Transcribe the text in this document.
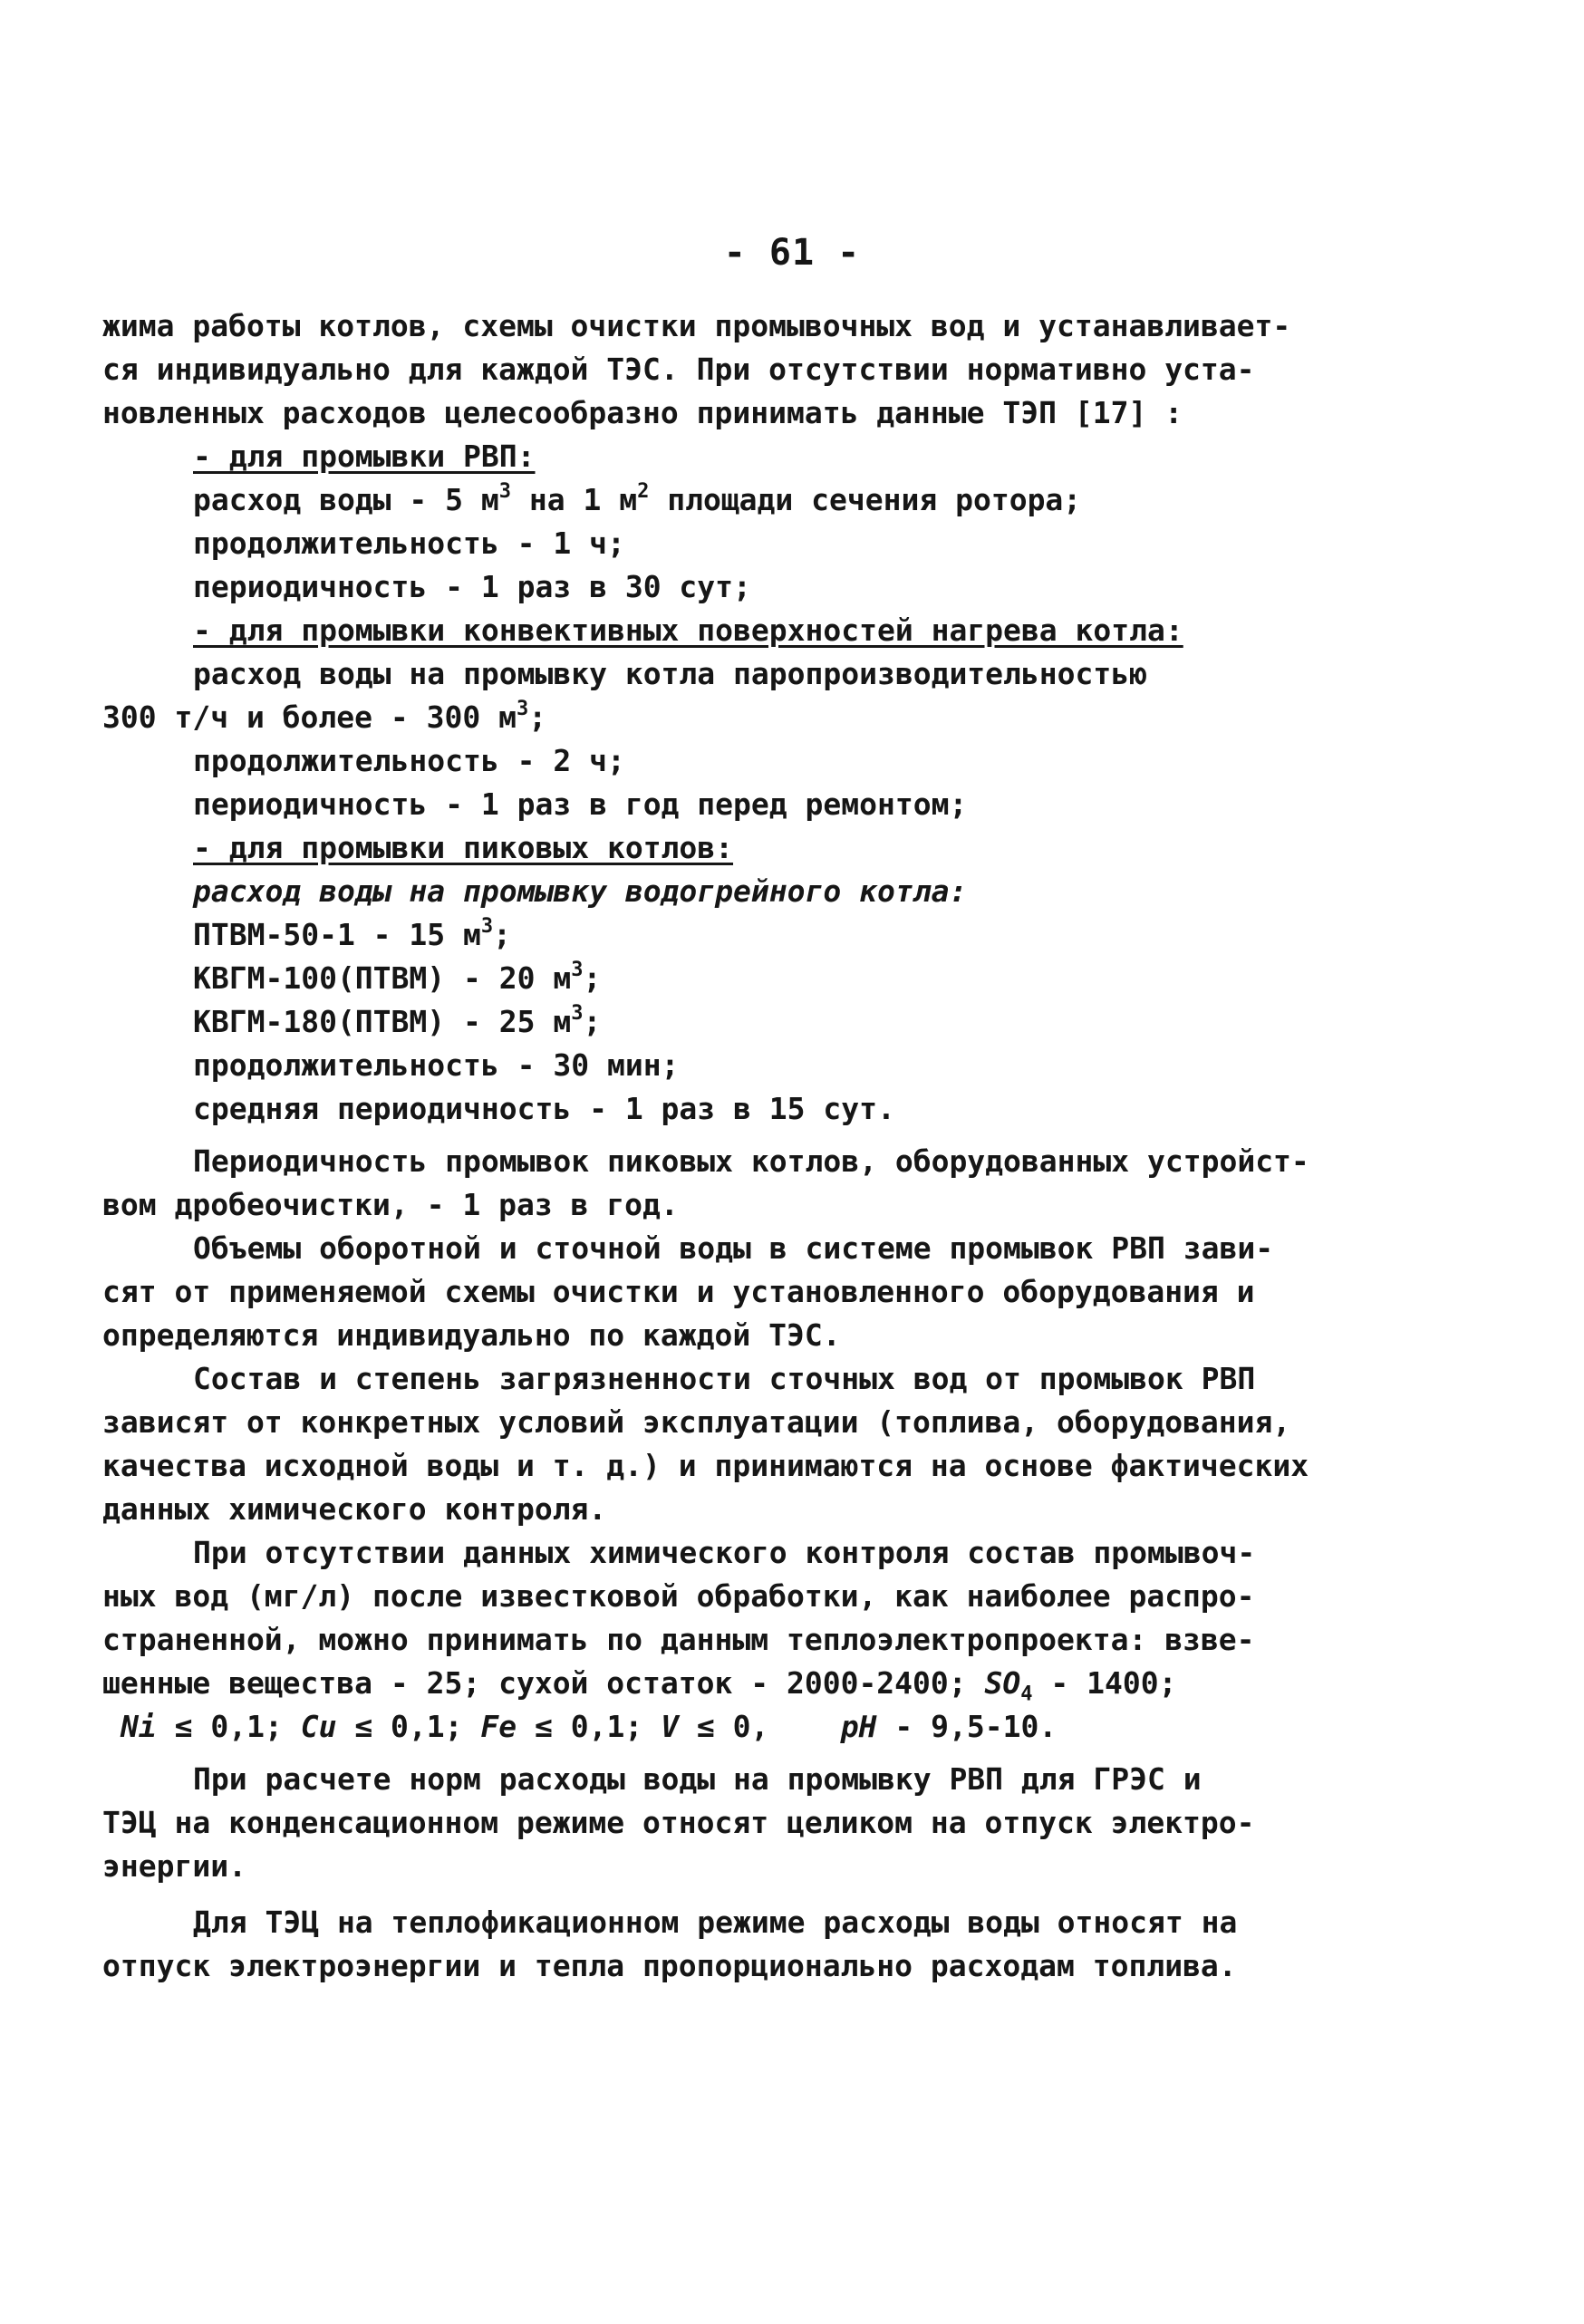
- 61 -
жима работы котлов, схемы очистки промывочных вод и устанавливает-
ся индивидуально для каждой ТЭС. При отсутствии нормативно уста-
новленных расходов целесообразно принимать данные ТЭП [17] :
- для промывки РВП:
расход воды - 5 $м^3$ на 1 $м^2$ площади сечения ротора;
продолжительность - 1 ч;
периодичность - 1 раз в 30 сут;
- для промывки конвективных поверхностей нагрева котла:
расход воды на промывку котла паропроизводительностью
300 т/ч и более - 300 $м^3$;
продолжительность - 2 ч;
периодичность - 1 раз в год перед ремонтом;
- для промывки пиковых котлов:
расход воды на промывку водогрейного котла:
ПТВМ-50-1 - 15 $м^3$;
КВГМ-100(ПТВМ) - 20 $м^3$;
КВГМ-180(ПТВМ) - 25 $м^3$;
продолжительность - 30 мин;
средняя периодичность - 1 раз в 15 сут.
Периодичность промывок пиковых котлов, оборудованных устройст-
вом дробеочистки, - 1 раз в год.
Объемы оборотной и сточной воды в системе промывок РВП зави-
сят от применяемой схемы очистки и установленного оборудования и
определяются индивидуально по каждой ТЭС.
Состав и степень загрязненности сточных вод от промывок РВП
зависят от конкретных условий эксплуатации (топлива, оборудования,
качества исходной воды и т. д.) и принимаются на основе фактических
данных химического контроля.
При отсутствии данных химического контроля состав промывоч-
ных вод (мг/л) после известковой обработки, как наиболее распро-
страненной, можно принимать по данным теплоэлектропроекта: взве-
шенные вещества - 25; сухой остаток - 2000-2400; $SO_4 - 1400$;
Ni ≤ 0,1; Cu ≤ 0,1; Fe ≤ 0,1; V ≤ 0,    pH - 9,5-10.
При расчете норм расходы воды на промывку РВП для ГРЭС и
ТЭЦ на конденсационном режиме относят целиком на отпуск электро-
энергии.
Для ТЭЦ на теплофикационном режиме расходы воды относят на
отпуск электроэнергии и тепла пропорционально расходам топлива.
